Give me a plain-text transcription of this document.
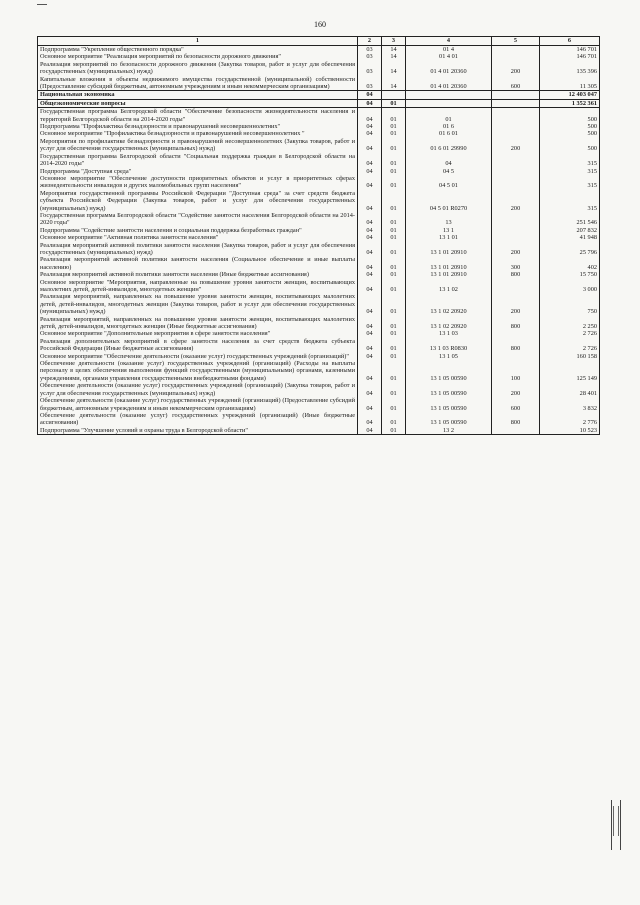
160
1	2	3	4	5	6
Подпрограмма "Укрепление общественного порядка"	03	14	01 4		146 701
Основное мероприятие "Реализация мероприятий по безопасности дорожного движения"	03	14	01 4 01		146 701
Реализация мероприятий по безопасности дорожного движения (Закупка товаров, работ и услуг для обеспечения государственных (муниципальных) нужд)	03	14	01 4 01 20360	200	135 396
Капитальные вложения в объекты недвижимого имущества государственной (муниципальной) собственности (Предоставление субсидий бюджетным, автономным учреждениям и иным некоммерческим организациям)	03	14	01 4 01 20360	600	11 305
Национальная экономика	04				12 403 047
Общеэкономические вопросы	04	01			1 352 361
Государственная программа Белгородской области "Обеспечение безопасности жизнедеятельности населения и территорий Белгородской области на 2014-2020 годы"	04	01	01		500
Подпрограмма "Профилактика безнадзорности и правонарушений несовершеннолетних"	04	01	01 6		500
Основное мероприятие "Профилактика безнадзорности и правонарушений несовершеннолетних "	04	01	01 6 01		500
Мероприятия по профилактике безнадзорности и правонарушений несовершеннолетних (Закупка товаров, работ и услуг для обеспечения государственных (муниципальных) нужд)	04	01	01 6 01 29990	200	500
Государственная программа Белгородской области "Социальная поддержка граждан в Белгородской области на 2014-2020 годы"	04	01	04		315
Подпрограмма "Доступная среда"	04	01	04 5		315
Основное мероприятие "Обеспечение доступности приоритетных объектов и услуг в приоритетных сферах жизнедеятельности инвалидов и других маломобильных групп населения"	04	01	04 5 01		315
Мероприятия государственной программы Российской Федерации "Доступная среда" за счет средств бюджета субъекта Российской Федерации (Закупка товаров, работ и услуг для обеспечения государственных (муниципальных) нужд)	04	01	04 5 01 R0270	200	315
Государственная программа Белгородской области "Содействие занятости населения Белгородской области на 2014-2020 годы"	04	01	13		251 546
Подпрограмма "Содействие занятости населения и социальная поддержка безработных граждан"	04	01	13 1		207 832
Основное мероприятие "Активная политика занятости населения"	04	01	13 1 01		41 948
Реализация мероприятий активной политики занятости населения (Закупка товаров, работ и услуг для обеспечения государственных (муниципальных) нужд)	04	01	13 1 01 20910	200	25 796
Реализация мероприятий активной политики занятости населения (Социальное обеспечение и иные выплаты населению)	04	01	13 1 01 20910	300	402
Реализация мероприятий активной политики занятости населения (Иные бюджетные ассигнования)	04	01	13 1 01 20910	800	15 750
Основное мероприятие "Мероприятия, направленные на повышение уровня занятости женщин, воспитывающих малолетних детей, детей-инвалидов, многодетных женщин"	04	01	13 1 02		3 000
Реализация мероприятий, направленных на повышение уровня занятости женщин, воспитывающих малолетних детей, детей-инвалидов, многодетных женщин (Закупка товаров, работ и услуг для обеспечения государственных (муниципальных) нужд)	04	01	13 1 02 20920	200	750
Реализация мероприятий, направленных на повышение уровня занятости женщин, воспитывающих малолетних детей, детей-инвалидов, многодетных женщин (Иные бюджетные ассигнования)	04	01	13 1 02 20920	800	2 250
Основное мероприятие "Дополнительные мероприятия в сфере занятости населения"	04	01	13 1 03		2 726
Реализация дополнительных мероприятий в сфере занятости населения за счет средств бюджета субъекта Российской Федерации (Иные бюджетные ассигнования)	04	01	13 1 03 R0830	800	2 726
Основное мероприятие "Обеспечение деятельности (оказание услуг) государственных учреждений (организаций)"	04	01	13 1 05		160 158
Обеспечение деятельности (оказание услуг) государственных учреждений (организаций) (Расходы на выплаты персоналу в целях обеспечения выполнения функций государственными (муниципальными) органами, казенными учреждениями, органами управления государственными внебюджетными фондами)	04	01	13 1 05 00590	100	125 149
Обеспечение деятельности (оказание услуг) государственных учреждений (организаций) (Закупка товаров, работ и услуг для обеспечения государственных (муниципальных) нужд)	04	01	13 1 05 00590	200	28 401
Обеспечение деятельности (оказание услуг) государственных учреждений (организаций) (Предоставление субсидий бюджетным, автономным учреждениям и иным некоммерческим организациям)	04	01	13 1 05 00590	600	3 832
Обеспечение деятельности (оказание услуг) государственных учреждений (организаций) (Иные бюджетные ассигнования)	04	01	13 1 05 00590	800	2 776
Подпрограмма "Улучшение условий и охраны труда в Белгородской области"	04	01	13 2		10 523
